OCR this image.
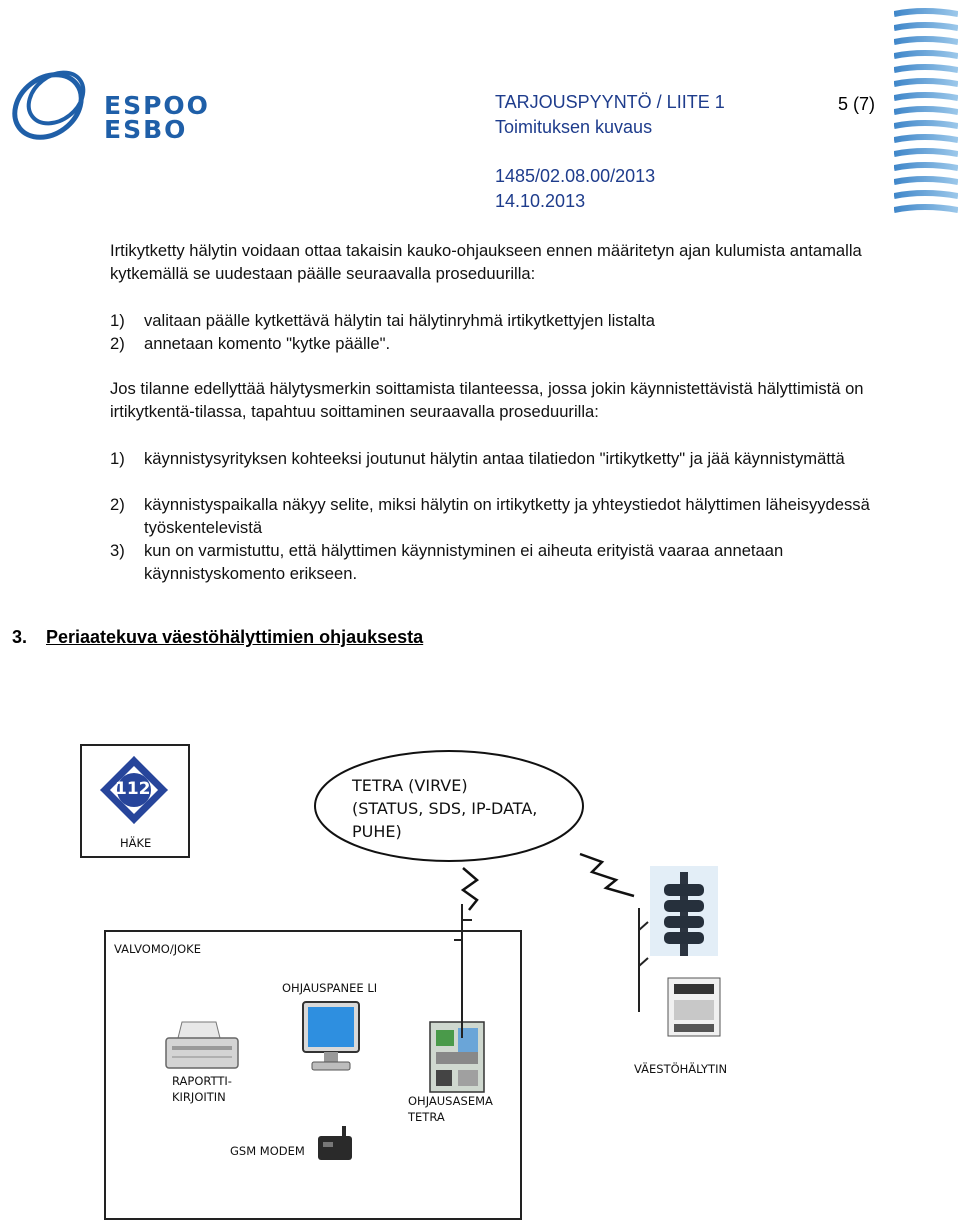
ESPOO
ESBO
TARJOUSPYYNTÖ / LIITE 1	5 (7)
Toimituksen kuvaus
1485/02.08.00/2013
14.10.2013
Irtikytketty hälytin voidaan ottaa takaisin kauko-ohjaukseen ennen määritetyn ajan kulumista antamalla kytkemällä se uudestaan päälle seuraavalla proseduurilla:
1) valitaan päälle kytkettävä hälytin tai hälytinryhmä irtikytkettyjen listalta
2) annetaan komento "kytke päälle".
Jos tilanne edellyttää hälytysmerkin soittamista tilanteessa, jossa jokin käynnistettävistä hälyttimistä on irtikytkentä-tilassa, tapahtuu soittaminen seuraavalla proseduurilla:
1) käynnistysyrityksen kohteeksi joutunut hälytin antaa tilatiedon "irtikytketty" ja jää käynnistymättä
2) käynnistyspaikalla näkyy selite, miksi hälytin on irtikytketty ja yhteystiedot hälyttimen läheisyydessä työskentelevistä
3) kun on varmistuttu, että hälyttimen käynnistyminen ei aiheuta erityistä vaaraa annetaan käynnistyskomento erikseen.
3. Periaatekuva väestöhälyttimien ohjauksesta
112
HÄKE
TETRA (VIRVE)
(STATUS, SDS, IP-DATA,
PUHE)
VALVOMO/JOKE
OHJAUSPANEE LI
RAPORTTI-
KIRJOITIN	OHJAUSASEMA
TETRA
GSM MODEM
VÄESTÖHÄLYTIN
